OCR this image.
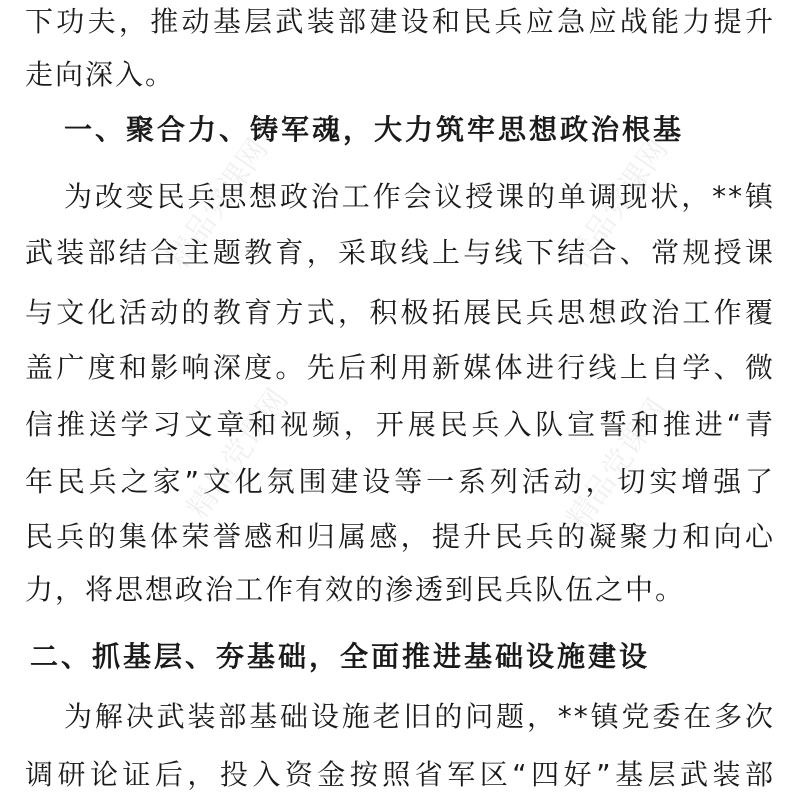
精品党课网	精品党课网
精品党课网	精品党课网
下功夫，推动基层武装部建设和民兵应急应战能力提升
走向深入。
一、聚合力、铸军魂，大力筑牢思想政治根基
为改变民兵思想政治工作会议授课的单调现状，**镇
武装部结合主题教育，采取线上与线下结合、常规授课
与文化活动的教育方式，积极拓展民兵思想政治工作覆
盖广度和影响深度。先后利用新媒体进行线上自学、微
信推送学习文章和视频，开展民兵入队宣誓和推进“青
年民兵之家”文化氛围建设等一系列活动，切实增强了
民兵的集体荣誉感和归属感，提升民兵的凝聚力和向心
力，将思想政治工作有效的渗透到民兵队伍之中。
二、抓基层、夯基础，全面推进基础设施建设
为解决武装部基础设施老旧的问题，**镇党委在多次
调研论证后，投入资金按照省军区“四好”基层武装部
